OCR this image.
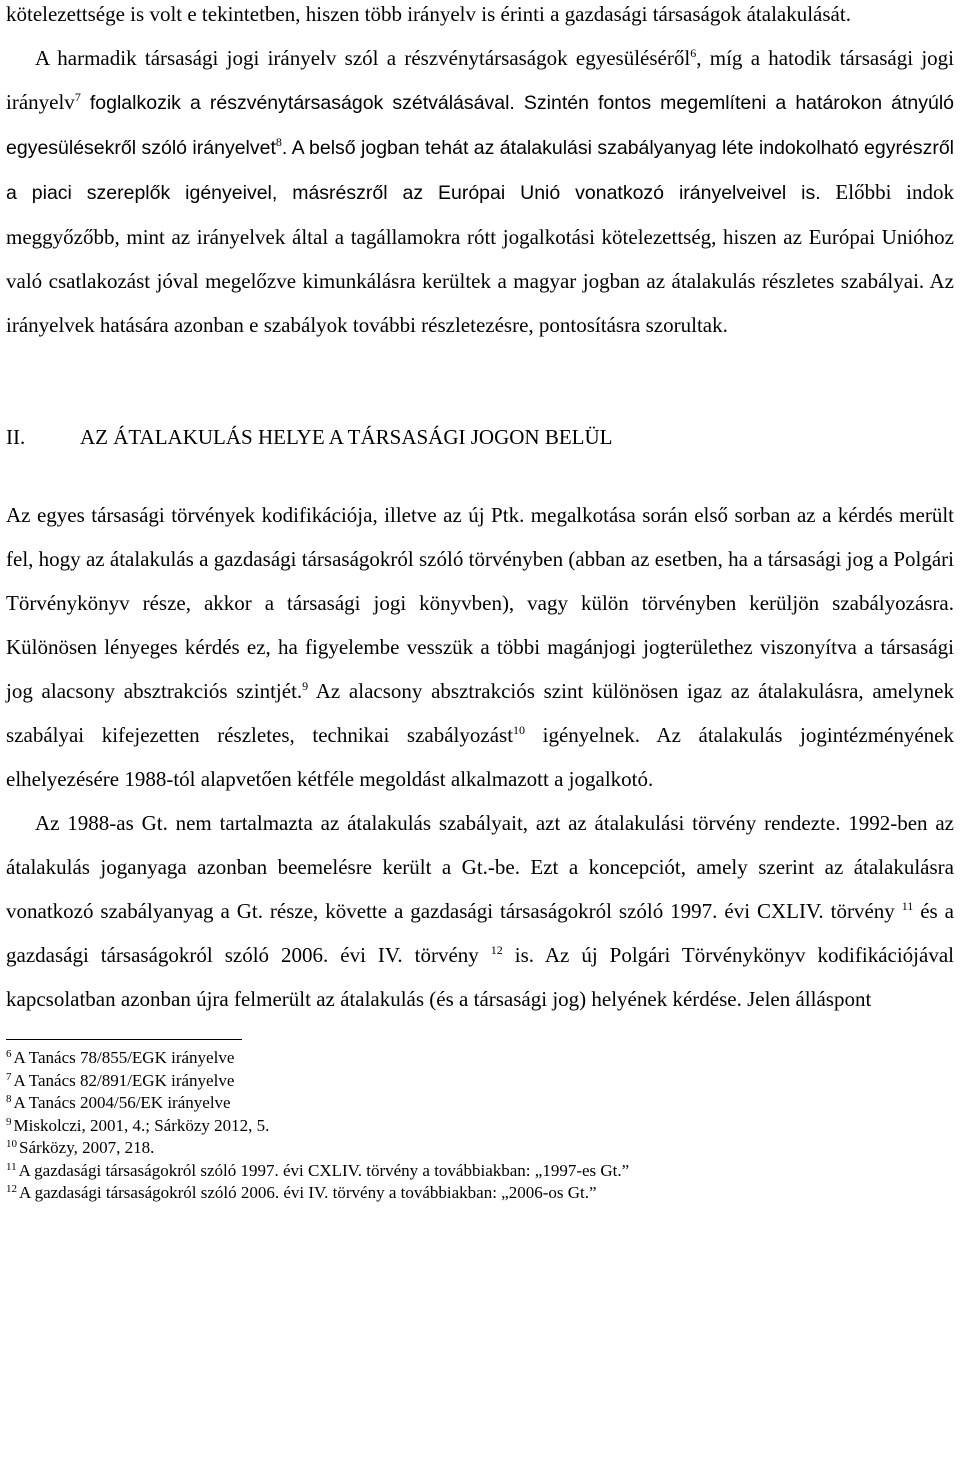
kötelezettsége is volt e tekintetben, hiszen több irányelv is érinti a gazdasági társaságok átalakulását.

A harmadik társasági jogi irányelv szól a részvénytársaságok egyesüléséről$^6$, míg a hatodik társasági jogi irányelv$^7$ foglalkozik a részvénytársaságok szétválásával. Szintén fontos megemlíteni a határokon átnyúló egyesülésekről szóló irányelvet$^8$. A belső jogban tehát az átalakulási szabályanyag léte indokolható egyrészről a piaci szereplők igényeivel, másrészről az Európai Unió vonatkozó irányelveivel is. Előbbi indok meggyőzőbb, mint az irányelvek által a tagállamokra rótt jogalkotási kötelezettség, hiszen az Európai Unióhoz való csatlakozást jóval megelőzve kimunkálásra kerültek a magyar jogban az átalakulás részletes szabályai. Az irányelvek hatására azonban e szabályok további részletezésre, pontosításra szorultak.

II.	AZ ÁTALAKULÁS HELYE A TÁRSASÁGI JOGON BELÜL

Az egyes társasági törvények kodifikációja, illetve az új Ptk. megalkotása során első sorban az a kérdés merült fel, hogy az átalakulás a gazdasági társaságokról szóló törvényben (abban az esetben, ha a társasági jog a Polgári Törvénykönyv része, akkor a társasági jogi könyvben), vagy külön törvényben kerüljön szabályozásra. Különösen lényeges kérdés ez, ha figyelembe vesszük a többi magánjogi jogterülethez viszonyítva a társasági jog alacsony absztrakciós szintjét.$^9$ Az alacsony absztrakciós szint különösen igaz az átalakulásra, amelynek szabályai kifejezetten részletes, technikai szabályozást$^{10}$ igényelnek. Az átalakulás jogintézményének elhelyezésére 1988-tól alapvetően kétféle megoldást alkalmazott a jogalkotó.

Az 1988-as Gt. nem tartalmazta az átalakulás szabályait, azt az átalakulási törvény rendezte. 1992-ben az átalakulás joganyaga azonban beemelésre került a Gt.-be. Ezt a koncepciót, amely szerint az átalakulásra vonatkozó szabályanyag a Gt. része, követte a gazdasági társaságokról szóló 1997. évi CXLIV. törvény $^{11}$ és a gazdasági társaságokról szóló 2006. évi IV. törvény $^{12}$ is. Az új Polgári Törvénykönyv kodifikációjával kapcsolatban azonban újra felmerült az átalakulás (és a társasági jog) helyének kérdése. Jelen álláspont

$^6$ A Tanács 78/855/EGK irányelve
$^7$ A Tanács 82/891/EGK irányelve
$^8$ A Tanács 2004/56/EK irányelve
$^9$ Miskolczi, 2001, 4.; Sárközy 2012, 5.
$^{10}$ Sárközy, 2007, 218.
$^{11}$ A gazdasági társaságokról szóló 1997. évi CXLIV. törvény a továbbiakban: „1997-es Gt.”
$^{12}$ A gazdasági társaságokról szóló 2006. évi IV. törvény a továbbiakban: „2006-os Gt.”
